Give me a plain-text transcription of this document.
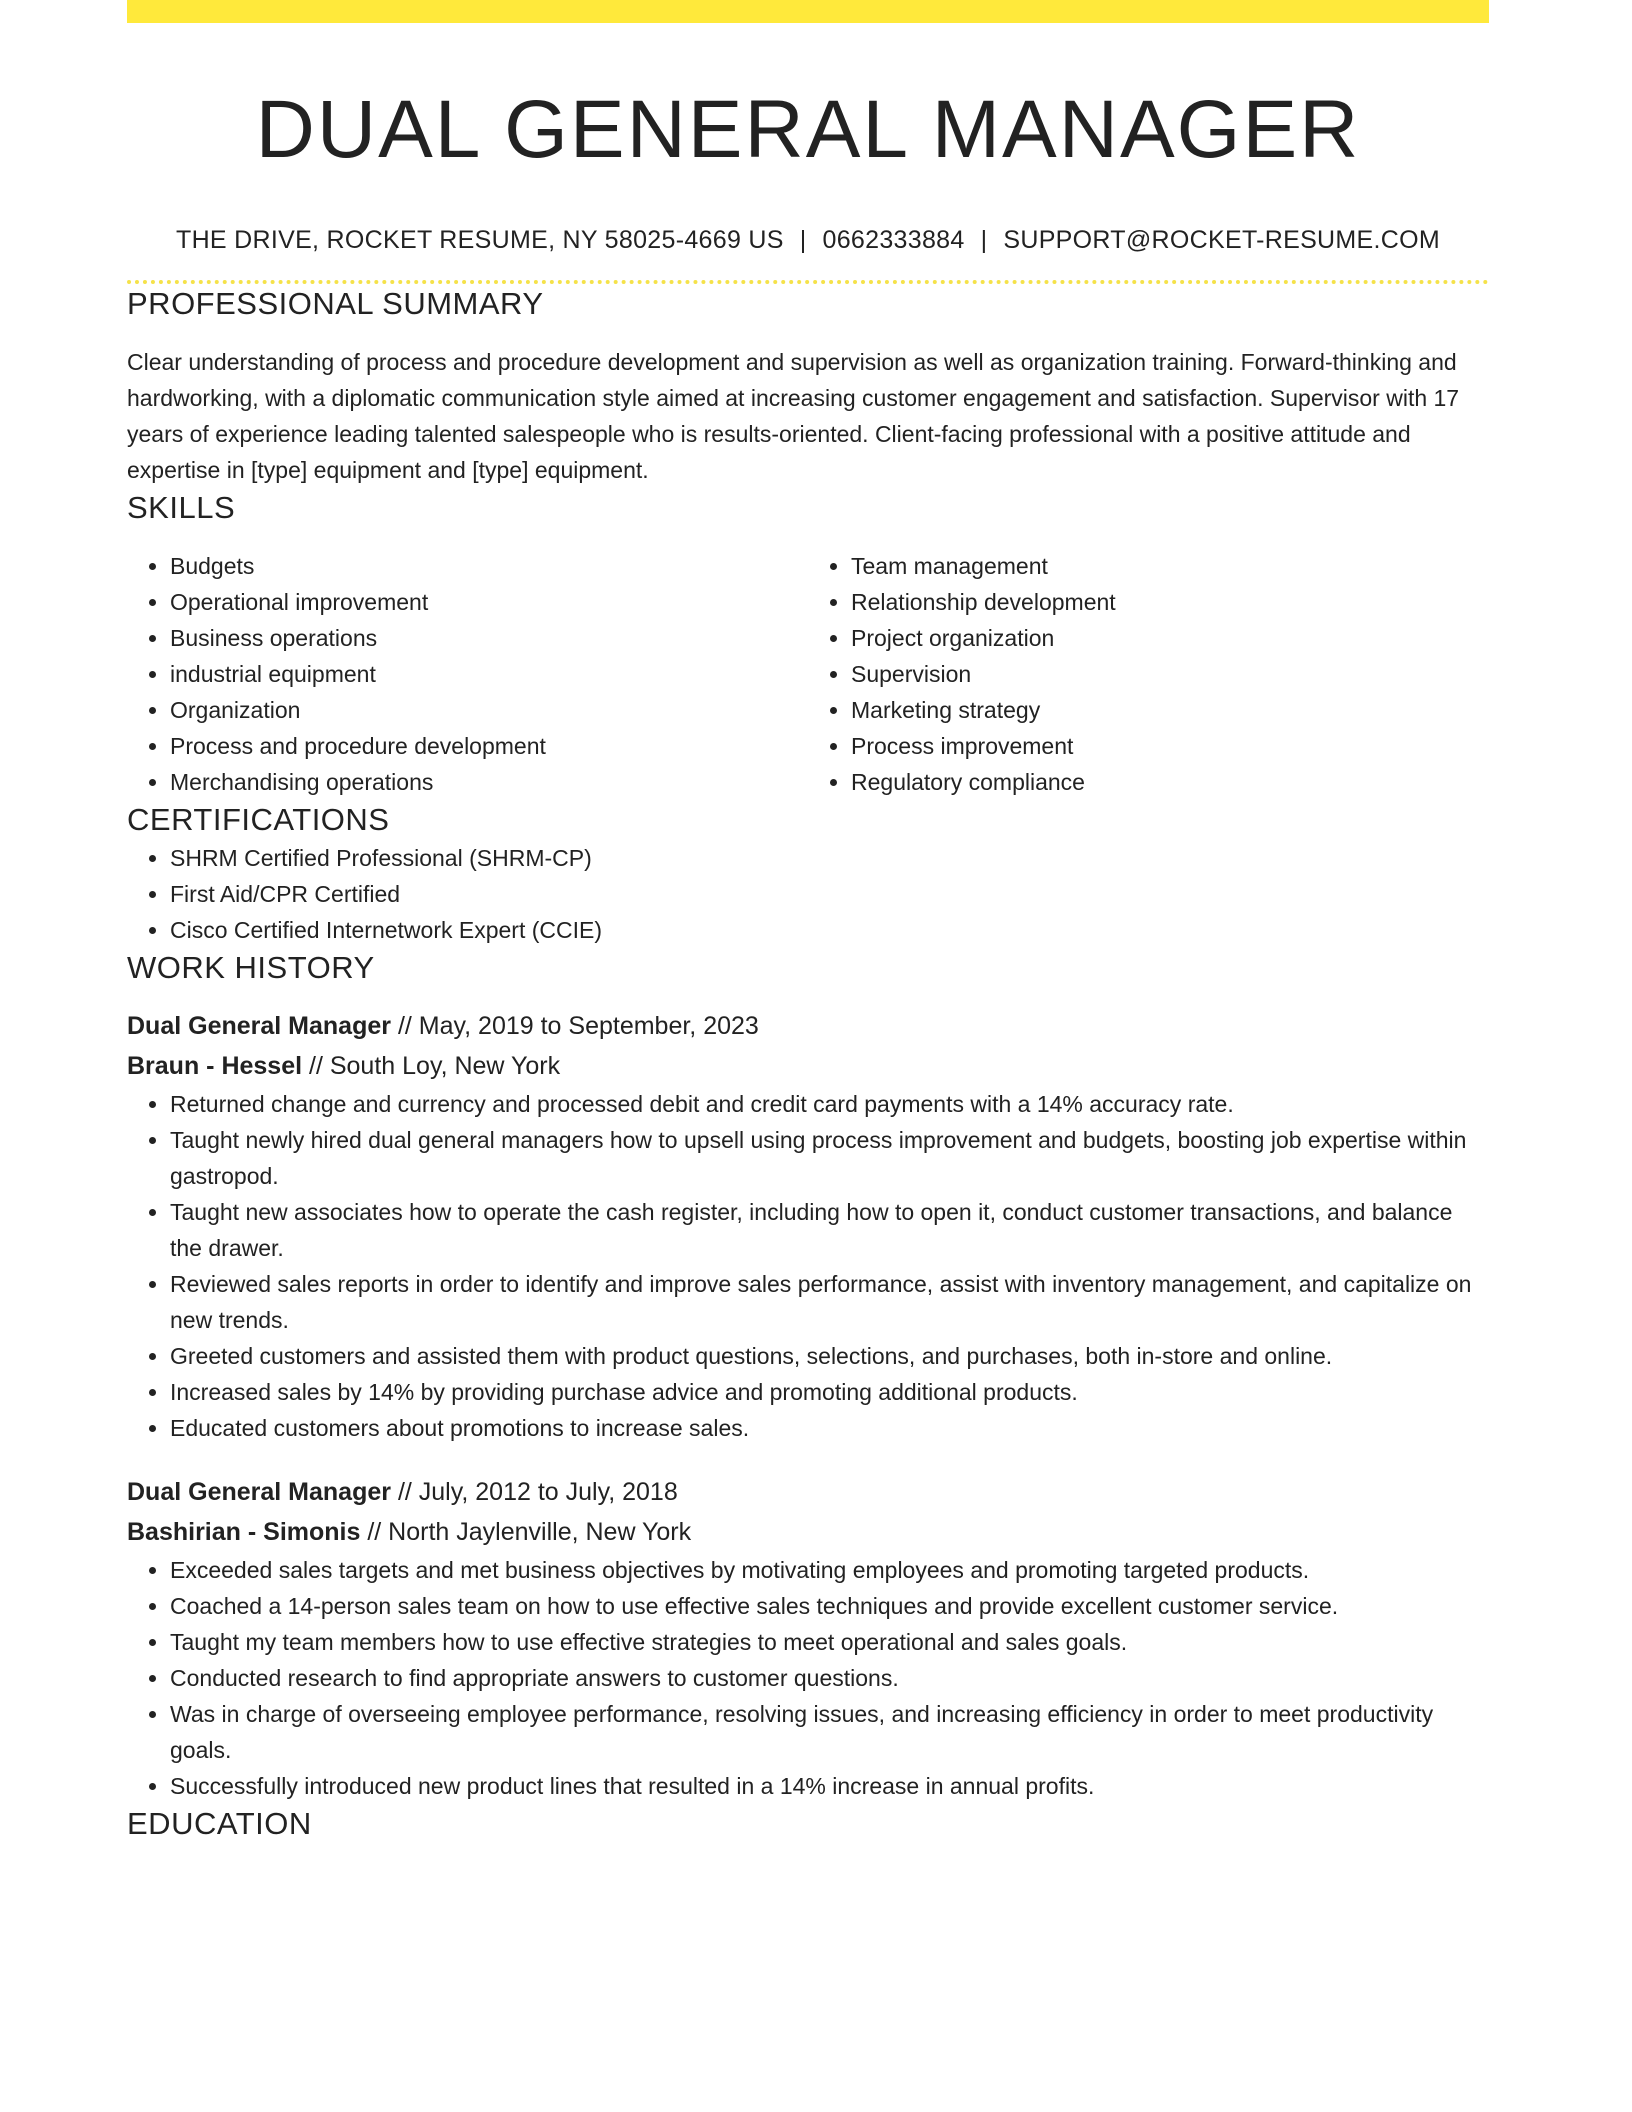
DUAL GENERAL MANAGER
THE DRIVE, ROCKET RESUME, NY 58025-4669 US | 0662333884 | SUPPORT@ROCKET-RESUME.COM
PROFESSIONAL SUMMARY

Clear understanding of process and procedure development and supervision as well as organization training. Forward-thinking and hardworking, with a diplomatic communication style aimed at increasing customer engagement and satisfaction. Supervisor with 17 years of experience leading talented salespeople who is results-oriented. Client-facing professional with a positive attitude and expertise in [type] equipment and [type] equipment.

SKILLS
• Budgets
• Operational improvement
• Business operations
• industrial equipment
• Organization
• Process and procedure development
• Merchandising operations
• Team management
• Relationship development
• Project organization
• Supervision
• Marketing strategy
• Process improvement
• Regulatory compliance
CERTIFICATIONS
• SHRM Certified Professional (SHRM-CP)
• First Aid/CPR Certified
• Cisco Certified Internetwork Expert (CCIE)
WORK HISTORY
Dual General Manager // May, 2019 to September, 2023
Braun - Hessel // South Loy, New York
• Returned change and currency and processed debit and credit card payments with a 14% accuracy rate.
• Taught newly hired dual general managers how to upsell using process improvement and budgets, boosting job expertise within gastropod.
• Taught new associates how to operate the cash register, including how to open it, conduct customer transactions, and balance the drawer.
• Reviewed sales reports in order to identify and improve sales performance, assist with inventory management, and capitalize on new trends.
• Greeted customers and assisted them with product questions, selections, and purchases, both in-store and online.
• Increased sales by 14% by providing purchase advice and promoting additional products.
• Educated customers about promotions to increase sales.
Dual General Manager // July, 2012 to July, 2018
Bashirian - Simonis // North Jaylenville, New York
• Exceeded sales targets and met business objectives by motivating employees and promoting targeted products.
• Coached a 14-person sales team on how to use effective sales techniques and provide excellent customer service.
• Taught my team members how to use effective strategies to meet operational and sales goals.
• Conducted research to find appropriate answers to customer questions.
• Was in charge of overseeing employee performance, resolving issues, and increasing efficiency in order to meet productivity goals.
• Successfully introduced new product lines that resulted in a 14% increase in annual profits.
EDUCATION
